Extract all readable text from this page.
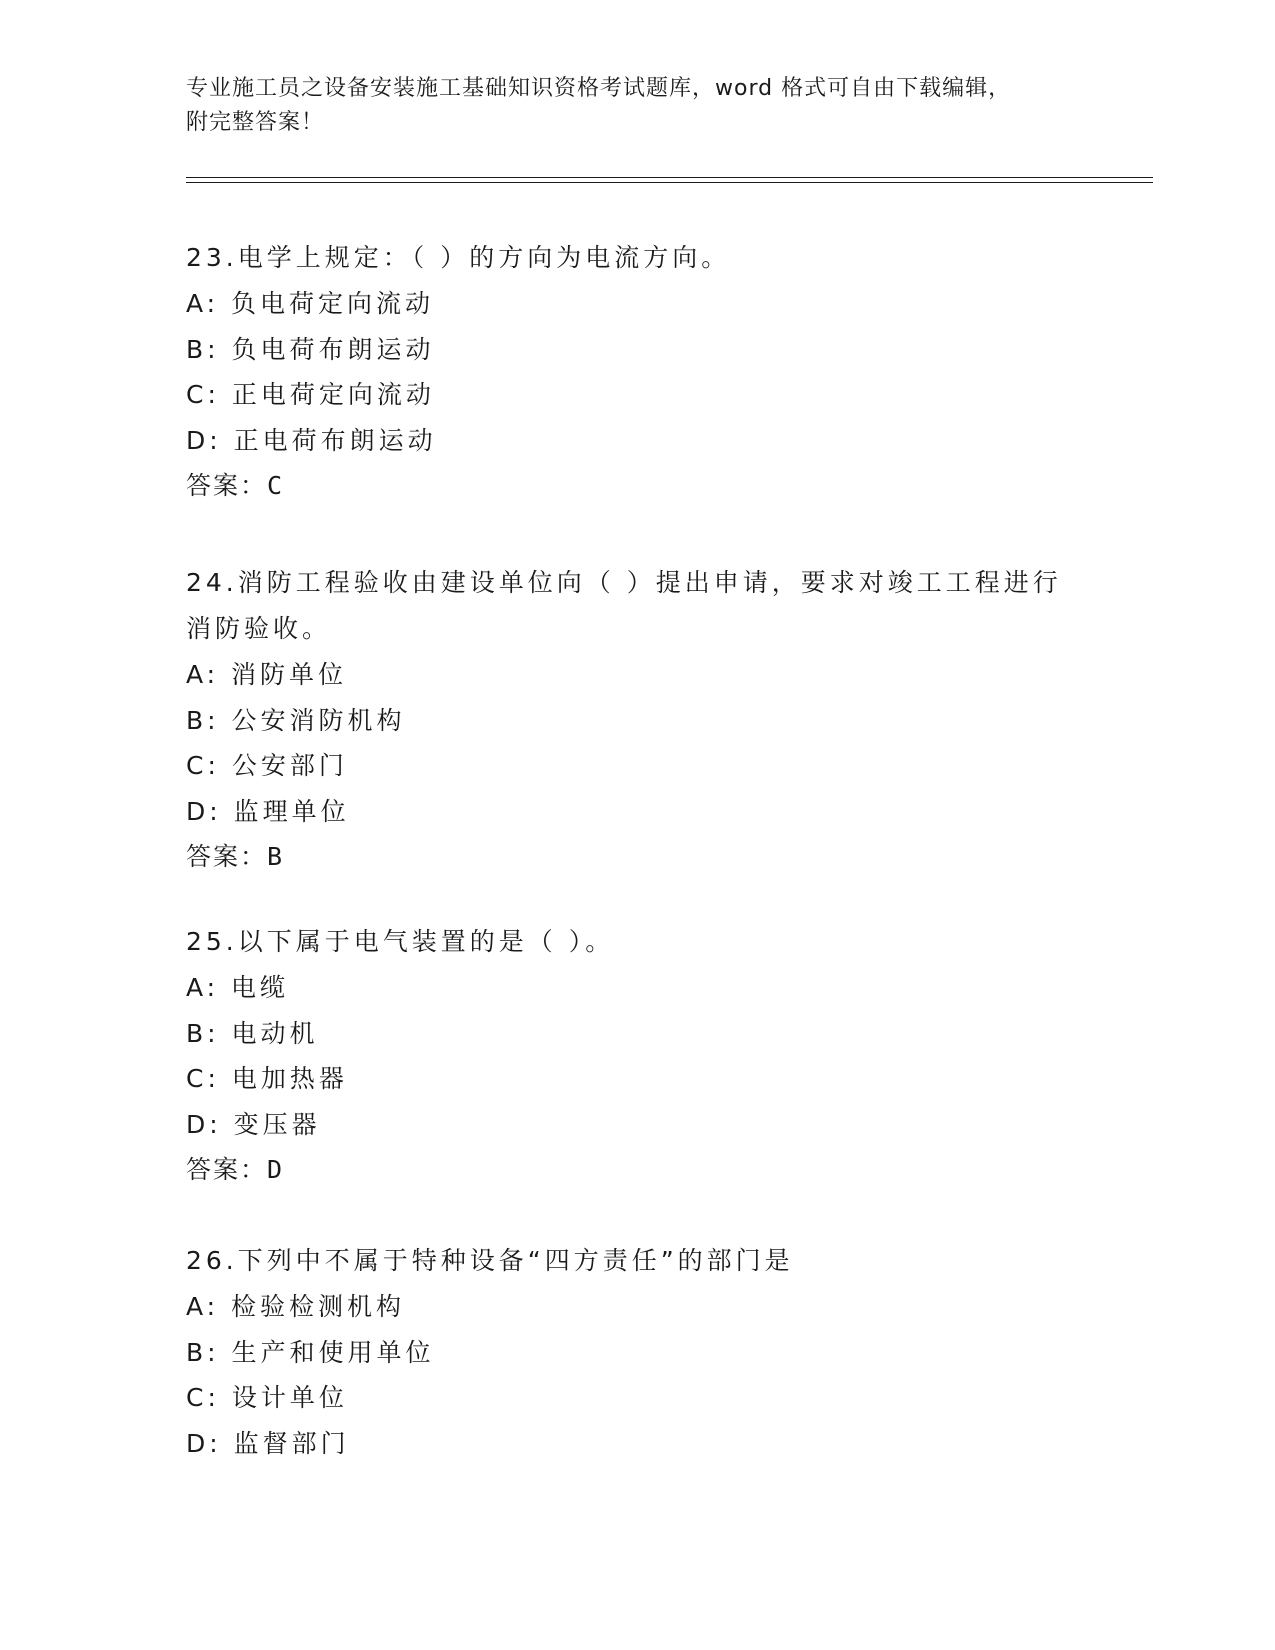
专业施工员之设备安装施工基础知识资格考试题库，word 格式可自由下载编辑，
附完整答案！
23.电学上规定：（ ）的方向为电流方向。
A: 负电荷定向流动
B: 负电荷布朗运动
C: 正电荷定向流动
D: 正电荷布朗运动
答案：C
24.消防工程验收由建设单位向（ ）提出申请，要求对竣工工程进行
消防验收。
A: 消防单位
B: 公安消防机构
C: 公安部门
D: 监理单位
答案：B
25.以下属于电气装置的是（ ）。
A: 电缆
B: 电动机
C: 电加热器
D: 变压器
答案：D
26.下列中不属于特种设备“四方责任”的部门是
A: 检验检测机构
B: 生产和使用单位
C: 设计单位
D: 监督部门
